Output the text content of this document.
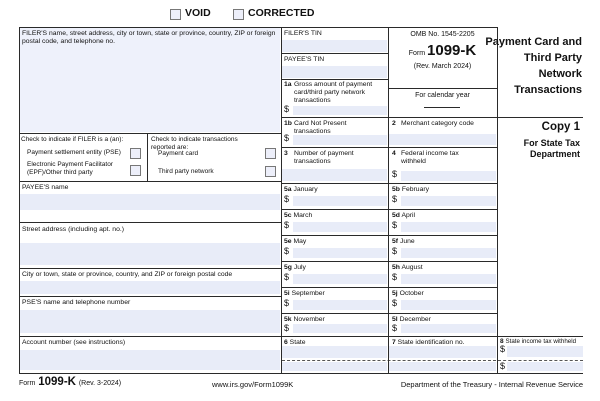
VOID	CORRECTED
FILER'S name, street address, city or town, state or province, country, ZIP or foreign postal code, and telephone no.
Check to indicate if FILER is a (an):
Payment settlement entity (PSE)
Electronic Payment Facilitator (EPF)/Other third party
Check to indicate transactions reported are:
Payment card
Third party network
PAYEE'S name
Street address (including apt. no.)
City or town, state or province, country, and ZIP or foreign postal code
PSE'S name and telephone number
Account number (see instructions)
FILER'S TIN
PAYEE'S TIN
1a Gross amount of payment card/third party network transactions
$
1b Card Not Present transactions
$
3 Number of payment transactions
OMB No. 1545-2205
Form 1099-K
(Rev. March 2024)
For calendar year
2 Merchant category code
4 Federal income tax withheld
$
5a January
$
5b February
$
5c March
$
5d April
$
5e May
$
5f June
$
5g July
$
5h August
$
5i September
$
5j October
$
5k November
$
5l December
$
6 State	7 State identification no.	8 State income tax withheld
$
$
Payment Card and
Third Party
Network
Transactions
Copy 1
For State Tax
Department
Form 1099-K (Rev. 3-2024)	www.irs.gov/Form1099K	Department of the Treasury - Internal Revenue Service
